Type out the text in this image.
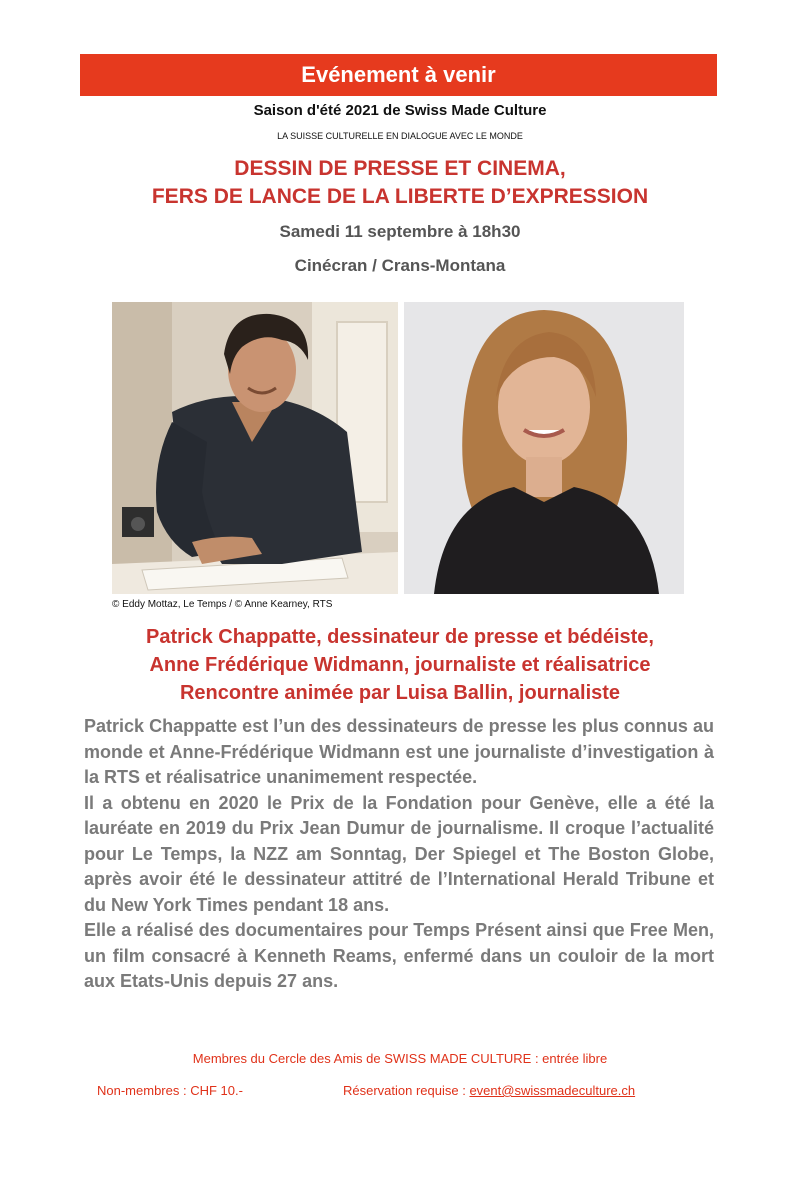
Evénement à venir
Saison d'été 2021 de Swiss Made Culture
LA SUISSE CULTURELLE EN DIALOGUE AVEC LE MONDE
DESSIN DE PRESSE ET CINEMA,
FERS DE LANCE DE LA LIBERTE D’EXPRESSION
Samedi 11 septembre à 18h30
Cinécran / Crans-Montana
© Eddy Mottaz, Le Temps / © Anne Kearney, RTS
Patrick Chappatte, dessinateur de presse et bédéiste,
Anne Frédérique Widmann, journaliste et réalisatrice
Rencontre animée par Luisa Ballin, journaliste

Patrick Chappatte est l’un des dessinateurs de presse les plus connus au monde et Anne-Frédérique Widmann est une journaliste d’investigation à la RTS et réalisatrice unanimement respectée.

Il a obtenu en 2020 le Prix de la Fondation pour Genève, elle a été la lauréate en 2019 du Prix Jean Dumur de journalisme. Il croque l’actualité pour Le Temps, la NZZ am Sonntag, Der Spiegel et The Boston Globe, après avoir été le dessinateur attitré de l’International Herald Tribune et du New York Times pendant 18 ans.

Elle a réalisé des documentaires pour Temps Présent ainsi que Free Men, un film consacré à Kenneth Reams, enfermé dans un couloir de la mort aux Etats-Unis depuis 27 ans.

Membres du Cercle des Amis de SWISS MADE CULTURE : entrée libre
Non-membres : CHF 10.-	Réservation requise : event@swissmadeculture.ch
